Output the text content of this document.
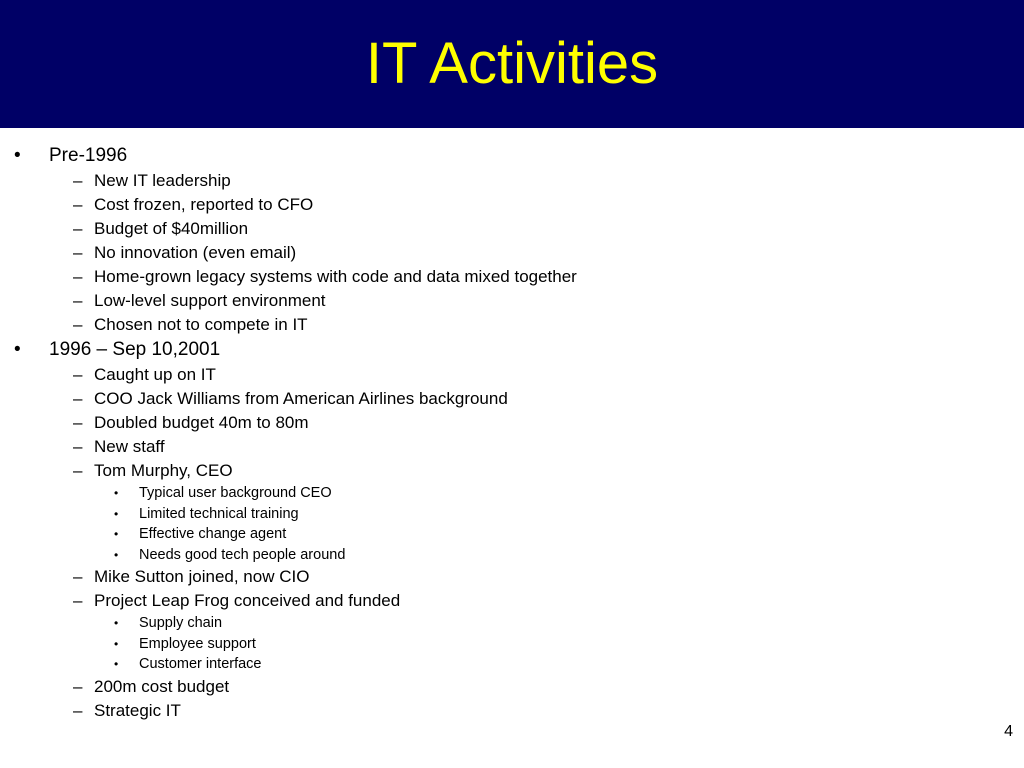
IT Activities
• Pre-1996
– New IT leadership
– Cost frozen, reported to CFO
– Budget of $40million
– No innovation (even email)
– Home-grown legacy systems with code and data mixed together
– Low-level support environment
– Chosen not to compete in IT
• 1996 – Sep 10,2001
– Caught up on IT
– COO Jack Williams from American Airlines background
– Doubled budget 40m to 80m
– New staff
– Tom Murphy, CEO
• Typical user background CEO
• Limited technical training
• Effective change agent
• Needs good tech people around
– Mike Sutton joined, now CIO
– Project Leap Frog conceived and funded
• Supply chain
• Employee support
• Customer interface
– 200m cost budget
– Strategic IT
4
